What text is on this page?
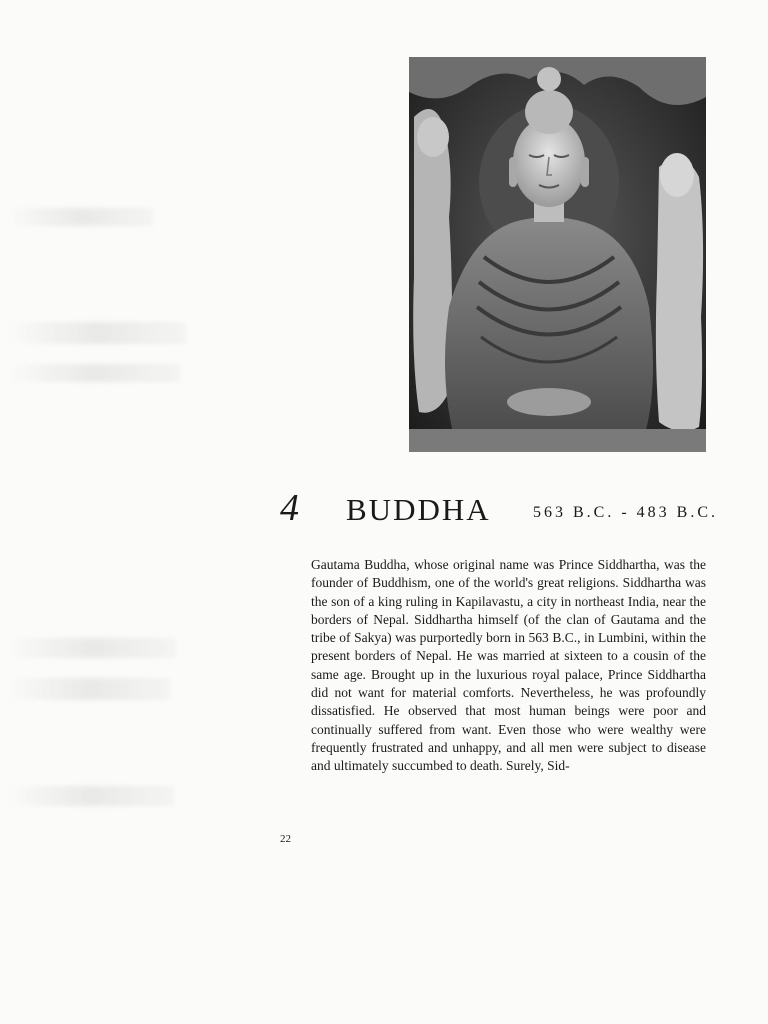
4 BUDDHA	563 B.C. - 483 B.C.

Gautama Buddha, whose original name was Prince Siddhartha, was the founder of Buddhism, one of the world's great religions. Siddhartha was the son of a king ruling in Kapilavastu, a city in northeast India, near the borders of Nepal. Siddhartha himself (of the clan of Gautama and the tribe of Sakya) was purportedly born in 563 B.C., in Lumbini, within the present borders of Nepal. He was married at sixteen to a cousin of the same age. Brought up in the luxurious royal palace, Prince Siddhartha did not want for material comforts. Nevertheless, he was profoundly dissatisfied. He observed that most human beings were poor and continually suffered from want. Even those who were wealthy were frequently frustrated and unhappy, and all men were subject to disease and ultimately succumbed to death. Surely, Sid-

22
